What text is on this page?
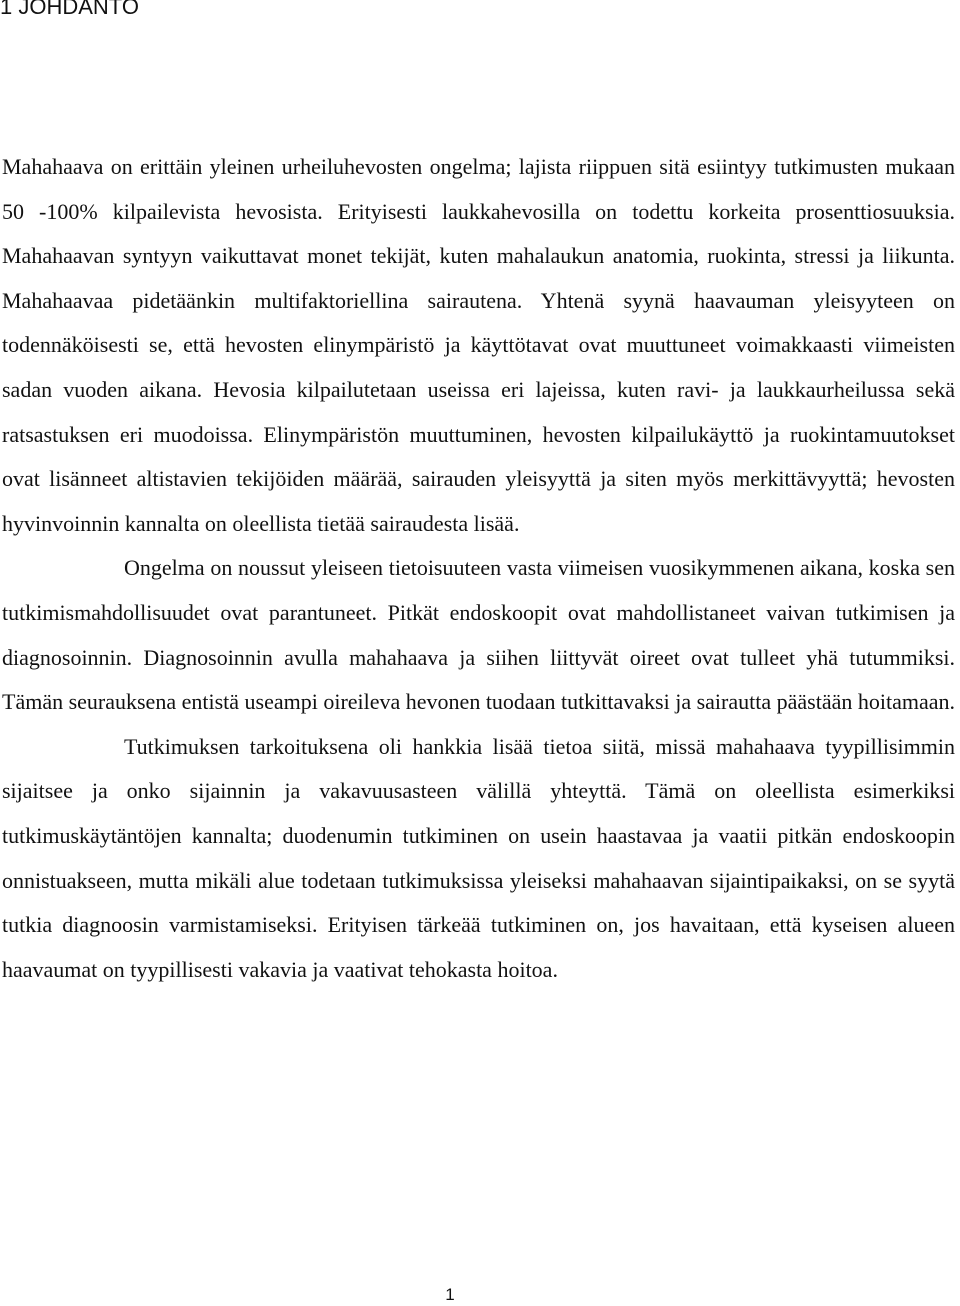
1 JOHDANTO

Mahahaava on erittäin yleinen urheiluhevosten ongelma; lajista riippuen sitä esiintyy tutkimusten mukaan 50 -100% kilpailevista hevosista. Erityisesti laukkahevosilla on todettu korkeita prosenttiosuuksia. Mahahaavan syntyyn vaikuttavat monet tekijät, kuten mahalaukun anatomia, ruokinta, stressi ja liikunta. Mahahaavaa pidetäänkin multifaktoriellina sairautena. Yhtenä syynä haavauman yleisyyteen on todennäköisesti se, että hevosten elinympäristö ja käyttötavat ovat muuttuneet voimakkaasti viimeisten sadan vuoden aikana. Hevosia kilpailutetaan useissa eri lajeissa, kuten ravi- ja laukkaurheilussa sekä ratsastuksen eri muodoissa. Elinympäristön muuttuminen, hevosten kilpailukäyttö ja ruokintamuutokset ovat lisänneet altistavien tekijöiden määrää, sairauden yleisyyttä ja siten myös merkittävyyttä; hevosten hyvinvoinnin kannalta on oleellista tietää sairaudesta lisää.

Ongelma on noussut yleiseen tietoisuuteen vasta viimeisen vuosikymmenen aikana, koska sen tutkimismahdollisuudet ovat parantuneet. Pitkät endoskoopit ovat mahdollistaneet vaivan tutkimisen ja diagnosoinnin. Diagnosoinnin avulla mahahaava ja siihen liittyvät oireet ovat tulleet yhä tutummiksi. Tämän seurauksena entistä useampi oireileva hevonen tuodaan tutkittavaksi ja sairautta päästään hoitamaan.

Tutkimuksen tarkoituksena oli hankkia lisää tietoa siitä, missä mahahaava tyypillisimmin sijaitsee ja onko sijainnin ja vakavuusasteen välillä yhteyttä. Tämä on oleellista esimerkiksi tutkimuskäytäntöjen kannalta; duodenumin tutkiminen on usein haastavaa ja vaatii pitkän endoskoopin onnistuakseen, mutta mikäli alue todetaan tutkimuksissa yleiseksi mahahaavan sijaintipaikaksi, on se syytä tutkia diagnoosin varmistamiseksi. Erityisen tärkeää tutkiminen on, jos havaitaan, että kyseisen alueen haavaumat on tyypillisesti vakavia ja vaativat tehokasta hoitoa.

1
